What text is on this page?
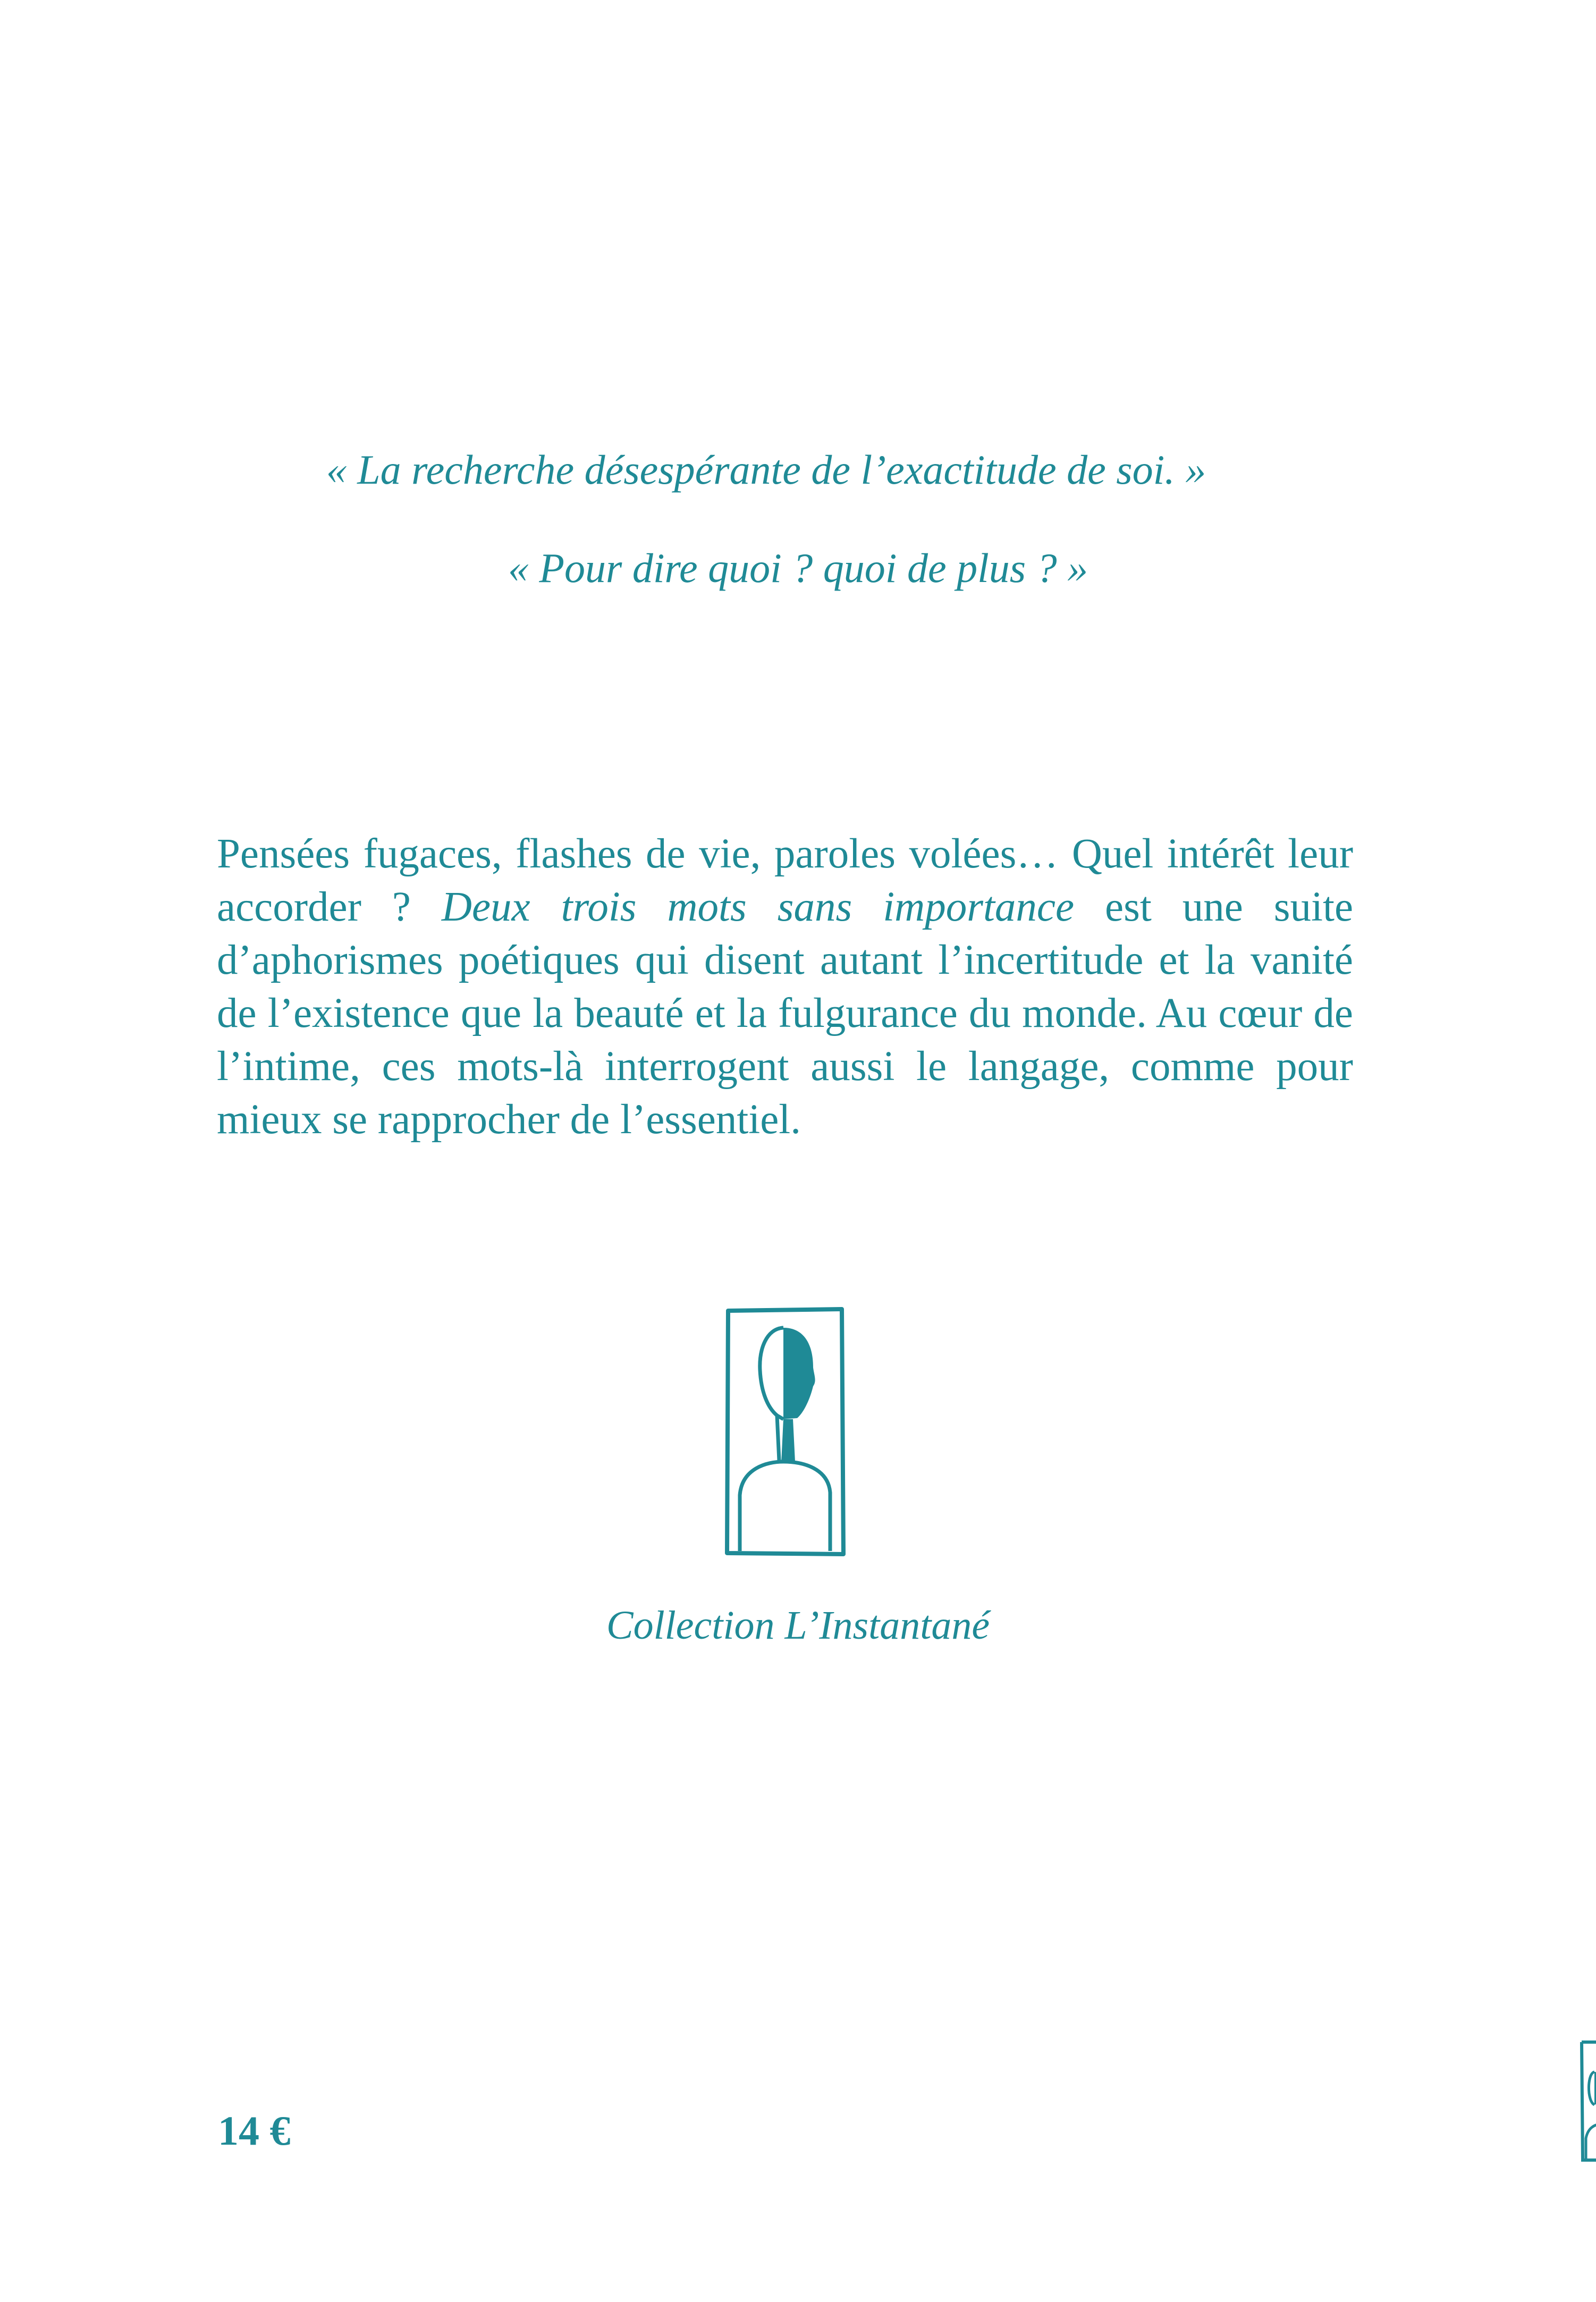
« La recherche désespérante de l’exactitude de soi. »
« Pour dire quoi ? quoi de plus ? »

Pensées fugaces, flashes de vie, paroles volées… Quel intérêt leur accorder ? Deux trois mots sans importance est une suite d’aphorismes poétiques qui disent autant l’incertitude et la vanité de l’existence que la beauté et la fulgurance du monde. Au cœur de l’intime, ces mots-là interrogent aussi le langage, comme pour mieux se rapprocher de l’essentiel.

Collection L’Instantané
14 €
